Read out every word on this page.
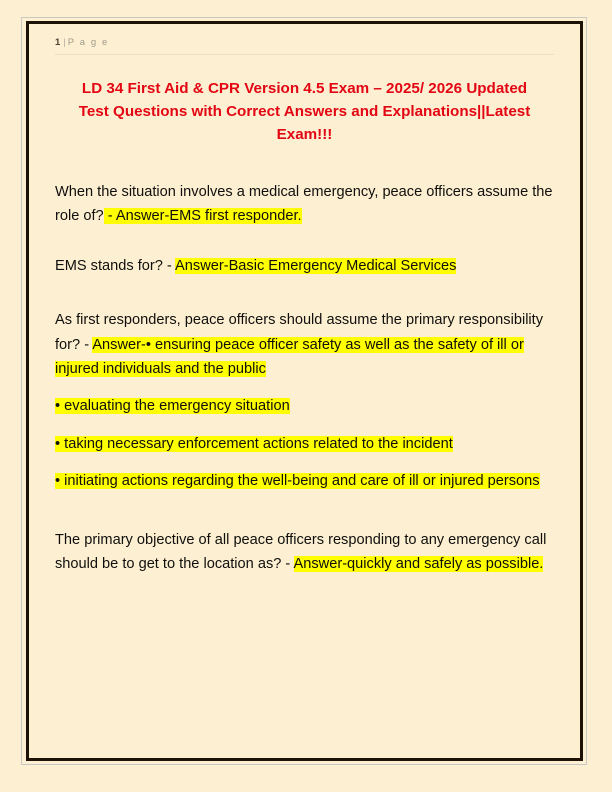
1 | P a g e
LD 34 First Aid & CPR Version 4.5 Exam – 2025/ 2026 Updated Test Questions with Correct Answers and Explanations||Latest Exam!!!

When the situation involves a medical emergency, peace officers assume the role of? - Answer-EMS first responder.

EMS stands for? - Answer-Basic Emergency Medical Services

As first responders, peace officers should assume the primary responsibility for? - Answer-• ensuring peace officer safety as well as the safety of ill or injured individuals and the public

• evaluating the emergency situation

• taking necessary enforcement actions related to the incident

• initiating actions regarding the well-being and care of ill or injured persons

The primary objective of all peace officers responding to any emergency call should be to get to the location as? - Answer-quickly and safely as possible.
